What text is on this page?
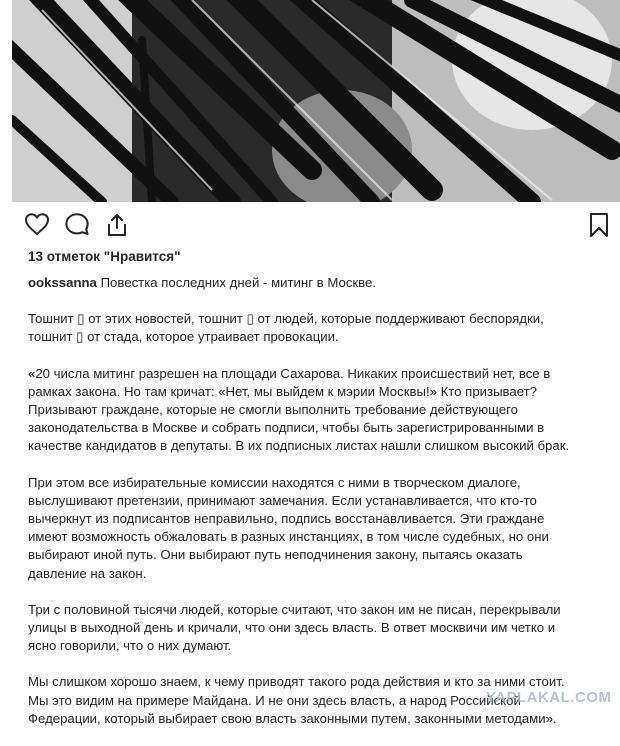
13 отметок "Нравится"

ookssanna Повестка последних дней - митинг в Москве.

Тошнит ▯ от этих новостей, тошнит ▯ от людей, которые поддерживают беспорядки,
тошнит ▯ от стада, которое утраивает провокации.

«20 числа митинг разрешен на площади Сахарова. Никаких происшествий нет, все в
рамках закона. Но там кричат: «Нет, мы выйдем к мэрии Москвы!» Кто призывает?
Призывают граждане, которые не смогли выполнить требование действующего
законодательства в Москве и собрать подписи, чтобы быть зарегистрированными в
качестве кандидатов в депутаты. В их подписных листах нашли слишком высокий брак.

При этом все избирательные комиссии находятся с ними в творческом диалоге,
выслушивают претензии, принимают замечания. Если устанавливается, что кто-то
вычеркнут из подписантов неправильно, подпись восстанавливается. Эти граждане
имеют возможность обжаловать в разных инстанциях, в том числе судебных, но они
выбирают иной путь. Они выбирают путь неподчинения закону, пытаясь оказать
давление на закон.

Три с половиной тысячи людей, которые считают, что закон им не писан, перекрывали
улицы в выходной день и кричали, что они здесь власть. В ответ москвичи им четко и
ясно говорили, что о них думают.

Мы слишком хорошо знаем, к чему приводят такого рода действия и кто за ними стоит.
Мы это видим на примере Майдана. И не они здесь власть, а народ Российской
Федерации, который выбирает свою власть законными путем, законными методами».

YAPLAKAL.COM
